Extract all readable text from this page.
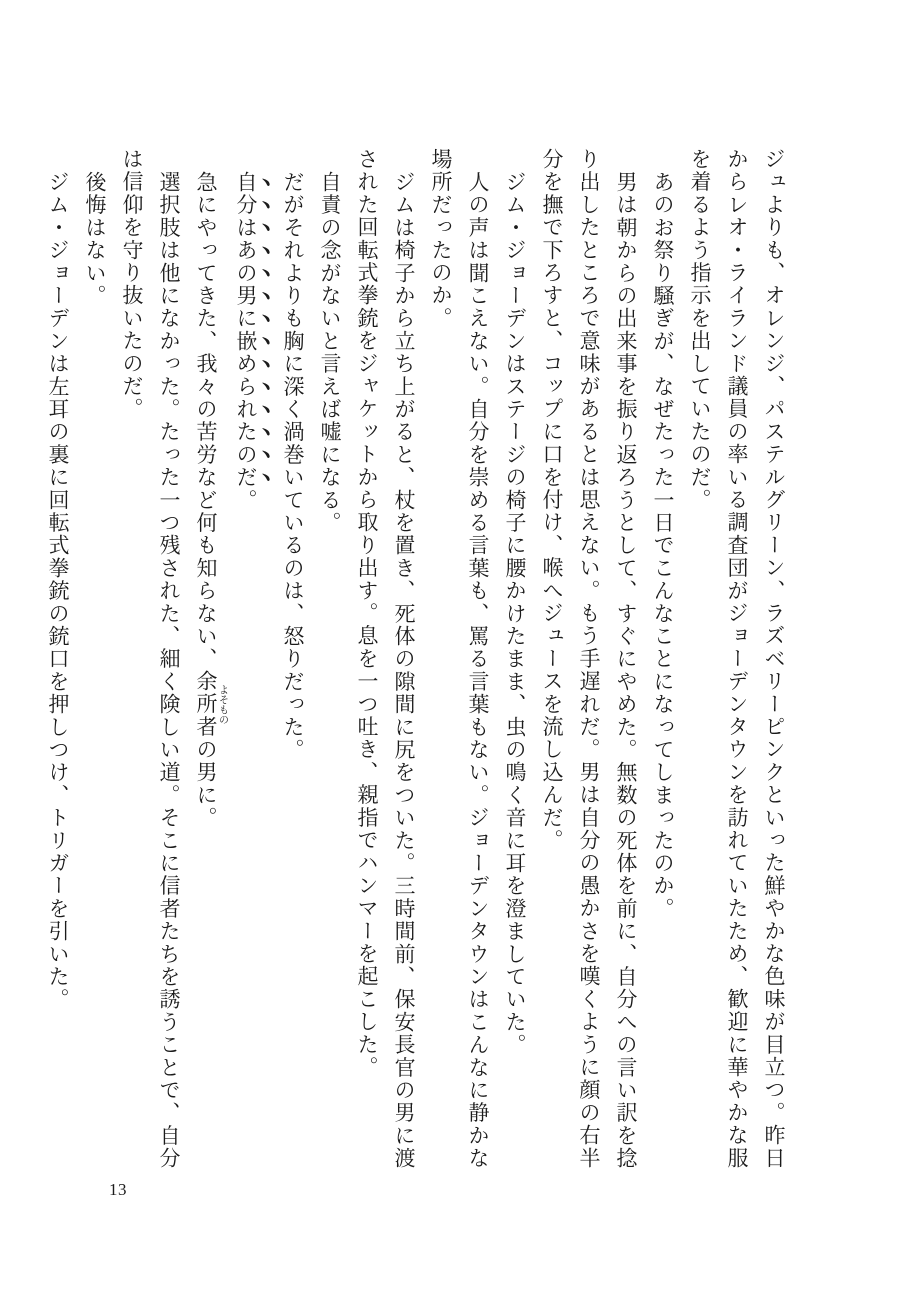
ジュよりも、オレンジ、パステルグリーン、ラズベリーピンクといった鮮やかな色味が目立つ。昨日からレオ・ライランド議員の率いる調査団がジョーデンタウンを訪れていたため、歓迎に華やかな服を着るよう指示を出していたのだ。

あのお祭り騒ぎが、なぜたった一日でこんなことになってしまったのか。

男は朝からの出来事を振り返ろうとして、すぐにやめた。無数の死体を前に、自分への言い訳を捻り出したところで意味があるとは思えない。もう手遅れだ。男は自分の愚かさを嘆くように顔の右半分を撫で下ろすと、コップに口を付け、喉へジュースを流し込んだ。

ジム・ジョーデンはステージの椅子に腰かけたまま、虫の鳴く音に耳を澄ましていた。

人の声は聞こえない。自分を崇める言葉も、罵る言葉もない。ジョーデンタウンはこんなに静かな場所だったのか。

ジムは椅子から立ち上がると、杖を置き、死体の隙間に尻をついた。三時間前、保安長官の男に渡された回転式拳銃をジャケットから取り出す。息を一つ吐き、親指でハンマーを起こした。

自責の念がないと言えば嘘になる。

だがそれよりも胸に深く渦巻いているのは、怒りだった。

自分はあの男に嵌められたのだ。

急にやってきた、我々の苦労など何も知らない、余所者よそものの男に。

選択肢は他になかった。たった一つ残された、細く険しい道。そこに信者たちを誘うことで、自分は信仰を守り抜いたのだ。

後悔はない。

ジム・ジョーデンは左耳の裏に回転式拳銃の銃口を押しつけ、トリガーを引いた。

13
